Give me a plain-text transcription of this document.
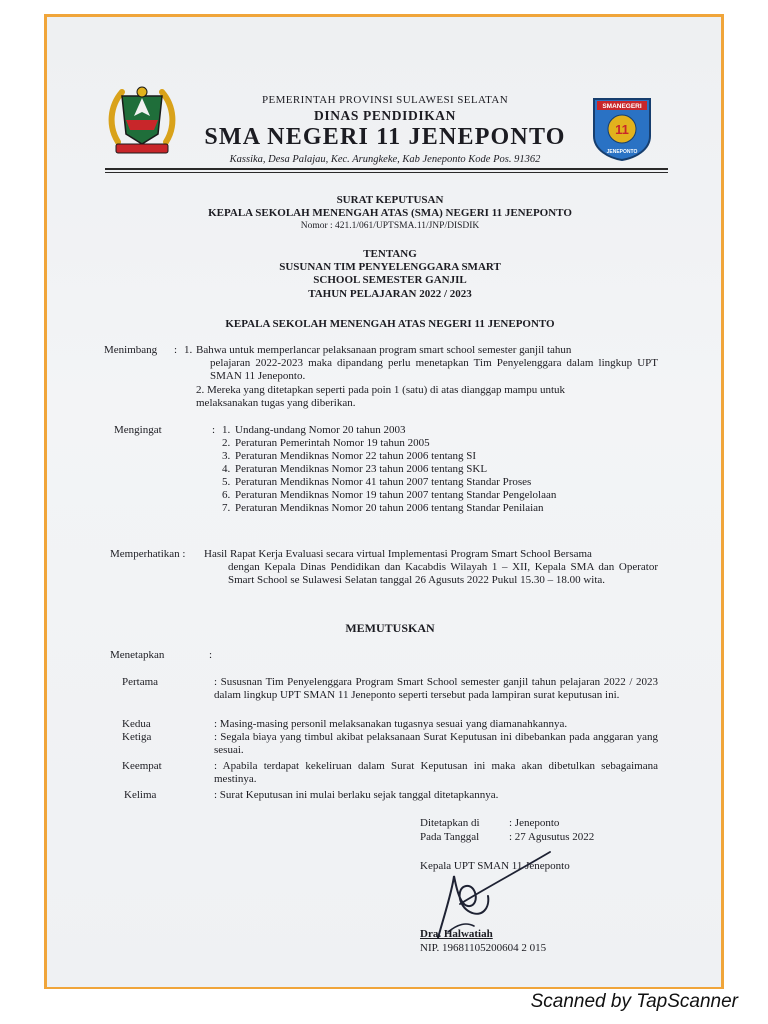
SMANEGERI
11
JENEPONTO
PEMERINTAH PROVINSI SULAWESI SELATAN
DINAS PENDIDIKAN
SMA NEGERI 11 JENEPONTO
Kassika, Desa Palajau, Kec. Arungkeke, Kab Jeneponto Kode Pos. 91362
SURAT KEPUTUSAN
KEPALA SEKOLAH MENENGAH ATAS (SMA) NEGERI 11 JENEPONTO
Nomor : 421.1/061/UPTSMA.11/JNP/DISDIK
TENTANG
SUSUNAN TIM PENYELENGGARA SMART
SCHOOL SEMESTER GANJIL
TAHUN PELAJARAN 2022 / 2023
KEPALA SEKOLAH MENENGAH ATAS NEGERI 11 JENEPONTO
Menimbang : 1. Bahwa untuk memperlancar pelaksanaan program smart school semester ganjil tahun
pelajaran 2022-2023 maka dipandang perlu menetapkan Tim Penyelenggara dalam lingkup UPT SMAN 11 Jeneponto.
2. Mereka yang ditetapkan seperti pada poin 1 (satu) di atas dianggap mampu untuk
melaksanakan tugas yang diberikan.
Mengingat	: 1. Undang-undang Nomor 20 tahun 2003
2. Peraturan Pemerintah Nomor 19 tahun 2005
3. Peraturan Mendiknas Nomor 22 tahun 2006 tentang SI
4. Peraturan Mendiknas Nomor 23 tahun 2006 tentang SKL
5. Peraturan Mendiknas Nomor 41 tahun 2007 tentang Standar Proses
6. Peraturan Mendiknas Nomor 19 tahun 2007 tentang Standar Pengelolaan
7. Peraturan Mendiknas Nomor 20 tahun 2006 tentang Standar Penilaian
Memperhatikan : Hasil Rapat Kerja Evaluasi secara virtual Implementasi Program Smart School Bersama
dengan Kepala Dinas Pendidikan dan Kacabdis Wilayah 1 – XII, Kepala SMA dan Operator Smart School se Sulawesi Selatan tanggal 26 Agusuts 2022 Pukul 15.30 – 18.00 wita.
MEMUTUSKAN
Menetapkan	:
Pertama	: Sususnan Tim Penyelenggara Program Smart School semester ganjil tahun pelajaran 2022 / 2023 dalam lingkup UPT SMAN 11 Jeneponto seperti tersebut pada lampiran surat keputusan ini.
Kedua	: Masing-masing personil melaksanakan tugasnya sesuai yang diamanahkannya.
Ketiga	: Segala biaya yang timbul akibat pelaksanaan Surat Keputusan ini dibebankan pada anggaran yang sesuai.
Keempat	: Apabila terdapat kekeliruan dalam Surat Keputusan ini maka akan dibetulkan sebagaimana mestinya.
Kelima	: Surat Keputusan ini mulai berlaku sejak tanggal ditetapkannya.
Ditetapkan di	: Jeneponto
Pada Tanggal	: 27 Agusutus 2022
Kepala UPT SMAN 11 Jeneponto
Dra. Halwatiah
NIP. 19681105200604 2 015
Scanned by TapScanner
